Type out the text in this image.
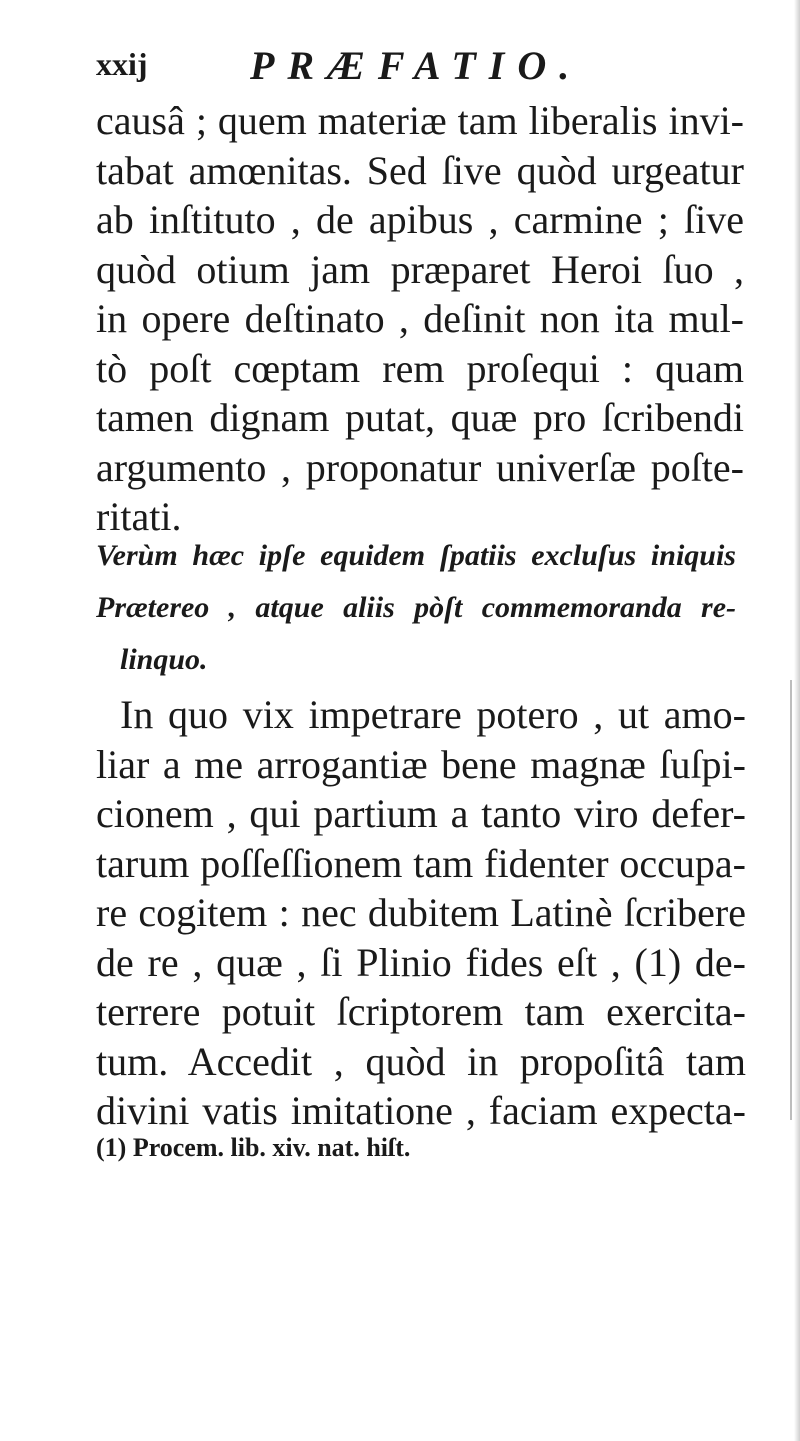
xxij	PRÆFATIO.
causâ ; quem materiæ tam liberalis invi-
tabat amœnitas. Sed ſive quòd urgeatur
ab inſtituto , de apibus , carmine ; ſive
quòd otium jam præparet Heroi ſuo ,
in opere deſtinato , deſinit non ita mul-
tò poſt cœptam rem proſequi : quam
tamen dignam putat, quæ pro ſcribendi
argumento , proponatur univerſæ poſte-
ritati.
Verùm hæc ipſe equidem ſpatiis excluſus iniquis
Prætereo , atque aliis pòſt commemoranda re-
linquo.
In quo vix impetrare potero , ut amo-
liar a me arrogantiæ bene magnæ ſuſpi-
cionem , qui partium a tanto viro defer-
tarum poſſeſſionem tam fidenter occupa-
re cogitem : nec dubitem Latinè ſcribere
de re , quæ , ſi Plinio fides eſt , (1) de-
terrere potuit ſcriptorem tam exercita-
tum. Accedit , quòd in propoſitâ tam
divini vatis imitatione , faciam expecta-
(1) Procem. lib. xiv. nat. hiſt.
